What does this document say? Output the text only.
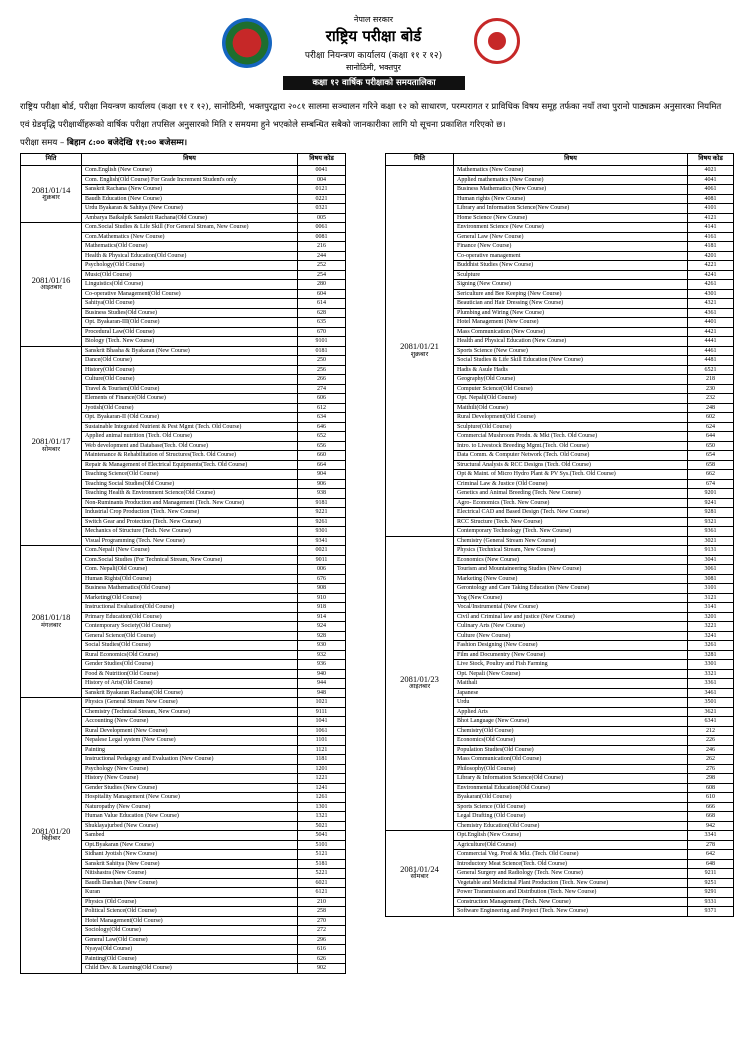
नेपाल सरकार
राष्ट्रिय परीक्षा बोर्ड
परीक्षा नियन्त्रण कार्यालय (कक्षा ११ र १२)
सानोठिमी, भक्तपुर
कक्षा १२ वार्षिक परीक्षाको समयतालिका
राष्ट्रिय परीक्षा बोर्ड, परीक्षा नियन्त्रण कार्यालय (कक्षा ११ र १२), सानोठिमी, भक्तपुरद्वारा २०८१ सालमा सञ्चालन गरिने कक्षा १२ को साधारण, परम्परागत र प्राविधिक विषय समूह तर्फका नयाँ तथा पुरानो पाठ्यक्रम अनुसारका नियमित एवं ग्रेडवृद्धि परीक्षार्थीहरूको वार्षिक परीक्षा तपसिल अनुसारको मिति र समयमा हुने भएकोले सम्बन्धित सबैको जानकारीका लागि यो सूचना प्रकाशित गरिएको छ।
परीक्षा समय – बिहान ८:०० बजेदेखि ११:०० बजेसम्म।
मिति	विषय	विषय कोड

2081/01/14
शुक्रबार	Com.English (New Course)	0041
	Com. English(Old Course) For Grade Increment Student's only	004
	Sanskrit Rachana (New Course)	0121
	Baudh Education (New Course)	0221
	Urdu Byakaran & Sahitya (New Course)	0321
	Ambarya Baikalpik Sanskrit Rachana(Old Course)	005

2081/01/16
आइतबार	Com.Social Studies & Life Skill (For General Stream, New Course)	0061
	Com.Mathematics (New Course)	0081
	Mathematics(Old Course)	216
	Health & Physical Education(Old Course)	244
	Psychology(Old Course)	252
	Music(Old Course)	254
	Linguistics(Old Course)	280
	Co-operative Management(Old Course)	604
	Sahitya(Old Course)	614
	Business Studies(Old Course)	628
	Opt. Byakaran-III(Old Course)	635
	Procedural Law(Old Course)	670
	Biology (Tech. New Course)	9101

2081/01/17
सोमबार	Sanskrit Bhasha & Byakaran (New Course)	0181
	Dance(Old Course)	250
	History(Old Course)	256
	Culture(Old Course)	266
	Travel & Tourism(Old Course)	274
	Elements of Finance(Old Course)	606
	Jyotish(Old Course)	612
	Opt. Byakaran-II (Old Course)	634
	Sustainable Integrated Nutrient & Pest Mgmt (Tech. Old Course)	646
	Applied animal nutrition (Tech. Old Course)	652
	Web development and Database(Tech. Old Course)	656
	Maintenance & Rehabilitation of Structures(Tech. Old Course)	660
	Repair & Management of Electrical Equipments(Tech. Old Course)	664
	Teaching Science(Old Course)	904
	Teaching Social Studies(Old Course)	906
	Teaching Health & Environment Science(Old Course)	938
	Non-Ruminants Production and Management (Tech. New Course)	9181
	Industrial Crop Production (Tech. New Course)	9221
	Switch Gear and Protection (Tech. New Course)	9261
	Mechanics of Structure (Tech. New Course)	9301
	Visual Programming (Tech. New Course)	9341

2081/01/18
मंगलबार	Com.Nepali (New Course)	0021
	Com.Social Studies (For Technical Stream, New Course)	9011
	Com. Nepali(Old Course)	006
	Human Rights(Old Course)	676
	Business Mathematics(Old Course)	908
	Marketing(Old Course)	910
	Instructional Evaluation(Old Course)	918
	Primary Education(Old Course)	914
	Contemporary Society(Old Course)	924
	General Science(Old Course)	928
	Social Studies(Old Course)	930
	Rural Economics(Old Course)	932
	Gender Studies(Old Course)	936
	Food & Nutrition(Old Course)	940
	History of Arts(Old Course)	944
	Sanskrit Byakaran Rachana(Old Course)	948

2081/01/20
बिहीबार	Physics (General Stream New Course)	1021
	Chemistry (Technical Stream, New Course)	9111
	Accounting (New Course)	1041
	Rural Development (New Course)	1061
	Nepalese Legal system (New Course)	1101
	Painting	1121
	Instructional Pedagogy and Evaluation (New Course)	1181
	Psychology (New Course)	1201
	History (New Course)	1221
	Gender Studies (New Course)	1241
	Hospitality Management (New Course)	1261
	Naturopathy (New Course)	1301
	Human Value Education (New Course)	1321
	Shuklayajurbed (New Course)	5021
	Sambed	5041
	Opt.Byakaran (New Course)	5101
	Sidhant Jyotish (New Course)	5121
	Sanskrit Sahitya (New Course)	5181
	Nitishastra (New Course)	5221
	Baudh Darshan (New Course)	6021
	Kuran	6121
	Physics (Old Course)	210
	Political Science(Old Course)	258
	Hotel Management(Old Course)	270
	Sociology(Old Course)	272
	General Law(Old Course)	296
	Nyaya(Old Course)	616
	Painting(Old Course)	626
	Child Dev. & Learning(Old Course)	902
मिति	विषय	विषय कोड

2081/01/21
शुक्रबार	Mathematics (New Course)	4021
	Applied mathematics (New Course)	4041
	Business Mathematics (New Course)	4061
	Human rights (New Course)	4081
	Library and Information Science(New Course)	4101
	Home Science (New Course)	4121
	Environment Science (New Course)	4141
	General Law (New Course)	4161
	Finance (New Course)	4181
	Co-operative management	4201
	Buddhist Studies (New Course)	4221
	Sculpture	4241
	Signing (New Course)	4261
	Sericulture and Bee Keeping (New Course)	4301
	Beautician and Hair Dressing (New Course)	4321
	Plumbing and Wiring (New Course)	4361
	Hotel Management (New Course)	4401
	Mass Communication (New Course)	4421
	Health and Physical Education (New Course)	4441
	Sports Science (New Course)	4461
	Social Studies & Life Skill Education (New Course)	4481
	Hadis & Asule Hadis	6521
	Geography(Old Course)	218
	Computer Science(Old Course)	230
	Opt. Nepali(Old Course)	232
	Maithili(Old Course)	248
	Rural Development(Old Course)	602
	Sculpture(Old Course)	624
	Commercial Mushroom Prodn. & Mkt (Tech. Old Course)	644
	Intro. to Livestock Breeding Mgmt.(Tech. Old Course)	650
	Data Comm. & Computer Network (Tech. Old Course)	654
	Structural Analysis & RCC Designs (Tech. Old Course)	658
	Opt & Maint. of Micro Hydro Plant & PV Sys.(Tech. Old Course)	662
	Criminal Law & Justice (Old Course)	674
	Genetics and Animal Breeding (Tech. New Course)	9201
	Agro- Economics (Tech. New Course)	9241
	Electrical CAD and Based Design (Tech. New Course)	9281
	RCC Structure (Tech. New Course)	9321
	Contemporary Technology (Tech. New Course)	9361

2081/01/23
आइतबार	Chemistry (General Stream New Course)	3021
	Physics (Technical Stream, New Course)	9131
	Economics (New Course)	3041
	Tourism and Mountaineering Studies (New Course)	3061
	Marketing (New Course)	3081
	Gerontology and Care Taking Education (New Course)	3101
	Yog (New Course)	3121
	Vocal/Instrumental (New Course)	3141
	Civil and Criminal law and justice (New Course)	3201
	Culinary Arts (New Course)	3221
	Culture (New Course)	3241
	Fashion Designing (New Course)	3261
	Film and Documentry (New Course)	3281
	Live Stock, Poultry and Fish Farming	3301
	Opt. Nepali (New Course)	3321
	Maithali	3361
	Japanese	3461
	Urdu	3501
	Applied Arts	3621
	Bhot Language (New Course)	6341
	Chemistry(Old Course)	212
	Economics(Old Course)	226
	Population Studies(Old Course)	246
	Mass Communication(Old Course)	262
	Philosophy(Old Course)	276
	Library & Information Science(Old Course)	298
	Environmental Education(Old Course)	608
	Byakaran(Old Course)	610
	Sports Science (Old Course)	666
	Legal Drafting (Old Course)	668
	Chemistry Education(Old Course)	942

2081/01/24
सोमबार	Opt.English (New Course)	3341
	Agriculture(Old Course)	278
	Commercial Veg. Prod & Mkt. (Tech. Old Course)	642
	Introductory Meat Science(Tech. Old Course)	648
	General Surgery and Radiology (Tech. New Course)	9211
	Vegetable and Medicinal Plant Production (Tech. New Course)	9251
	Power Transmission and Distribution (Tech. New Course)	9291
	Construction Management (Tech. New Course)	9331
	Software Engineering and Project (Tech. New Course)	9371
